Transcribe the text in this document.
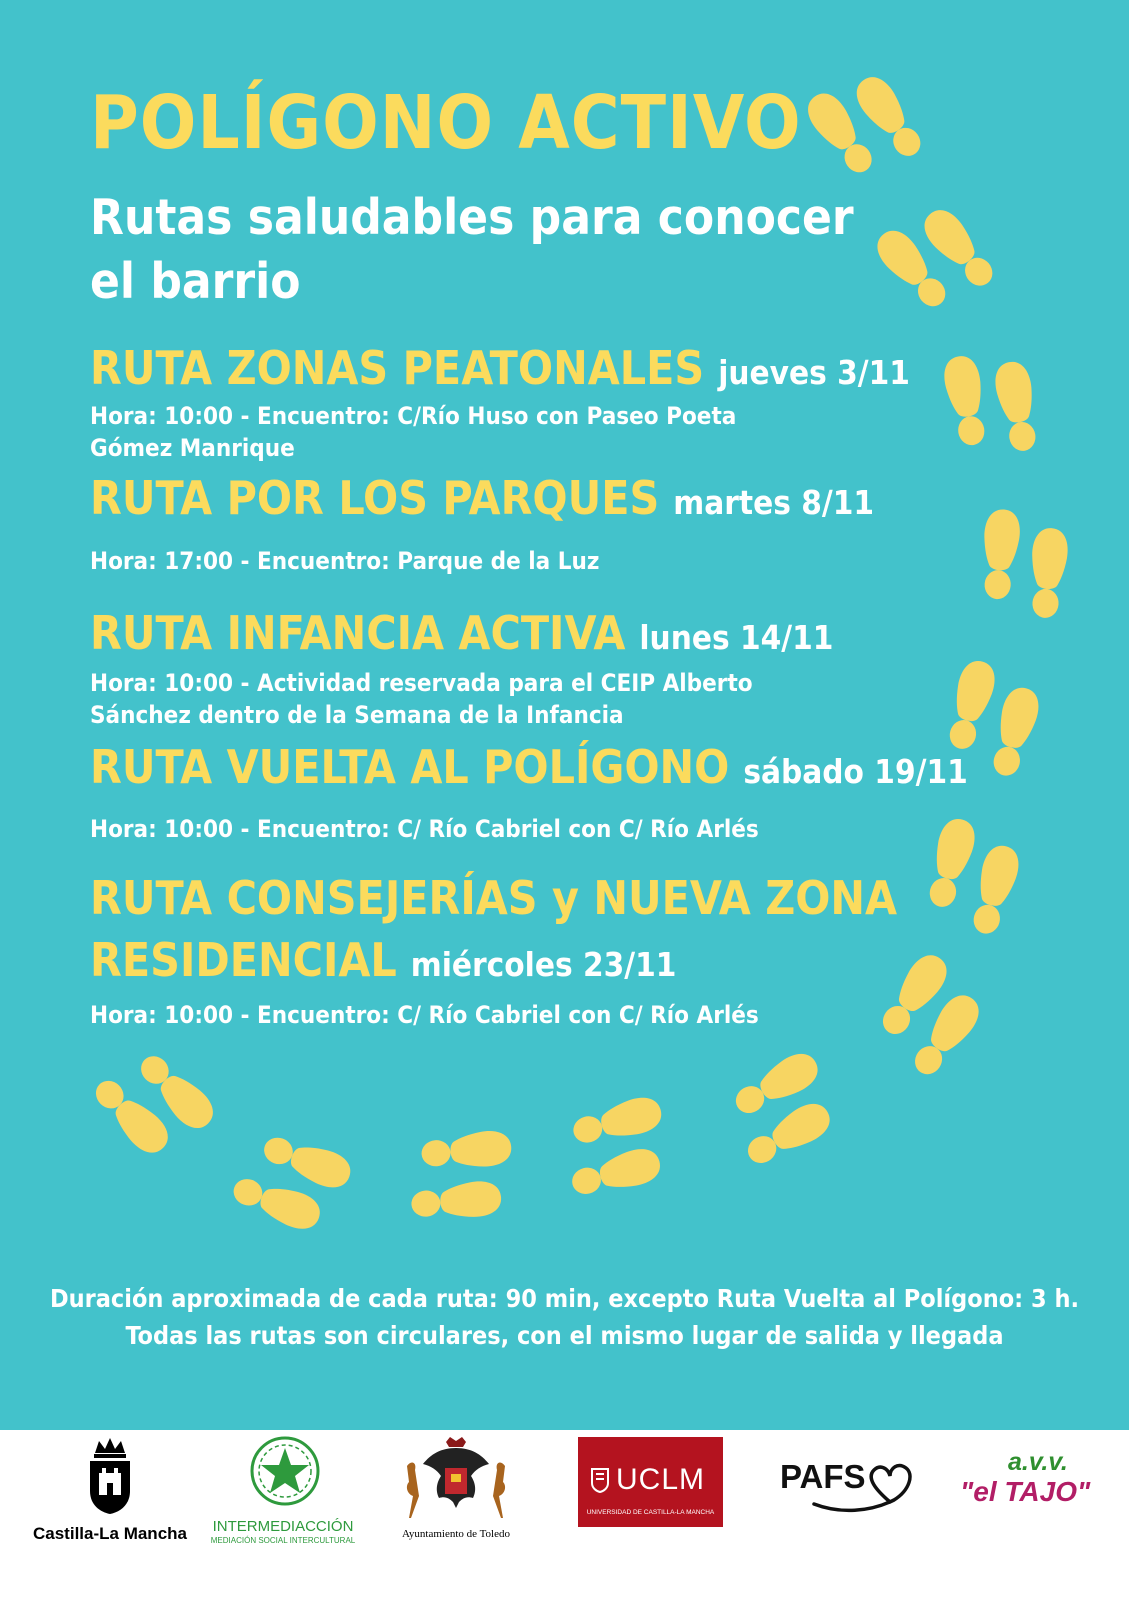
POLÍGONO ACTIVO
Rutas saludables para conocer el barrio
RUTA ZONAS PEATONALES jueves 3/11
Hora: 10:00 - Encuentro: C/Río Huso con Paseo Poeta Gómez Manrique
RUTA POR LOS PARQUES martes 8/11
Hora: 17:00 - Encuentro: Parque de la Luz
RUTA INFANCIA ACTIVA lunes 14/11
Hora: 10:00 - Actividad reservada para el CEIP Alberto Sánchez dentro de la Semana de la Infancia
RUTA VUELTA AL POLÍGONO sábado 19/11
Hora: 10:00 - Encuentro: C/ Río Cabriel con C/ Río Arlés
RUTA CONSEJERÍAS y NUEVA ZONA
RESIDENCIAL miércoles 23/11
Hora: 10:00 - Encuentro: C/ Río Cabriel con C/ Río Arlés
Duración aproximada de cada ruta: 90 min, excepto Ruta Vuelta al Polígono: 3 h.
Todas las rutas son circulares, con el mismo lugar de salida y llegada
Castilla-La Mancha	INTERMEDIACCIÓN
MEDIACIÓN SOCIAL INTERCULTURAL
Ayuntamiento de Toledo
UCLM
UNIVERSIDAD DE CASTILLA-LA MANCHA
PAFS	a.v.v.
"el TAJO"
